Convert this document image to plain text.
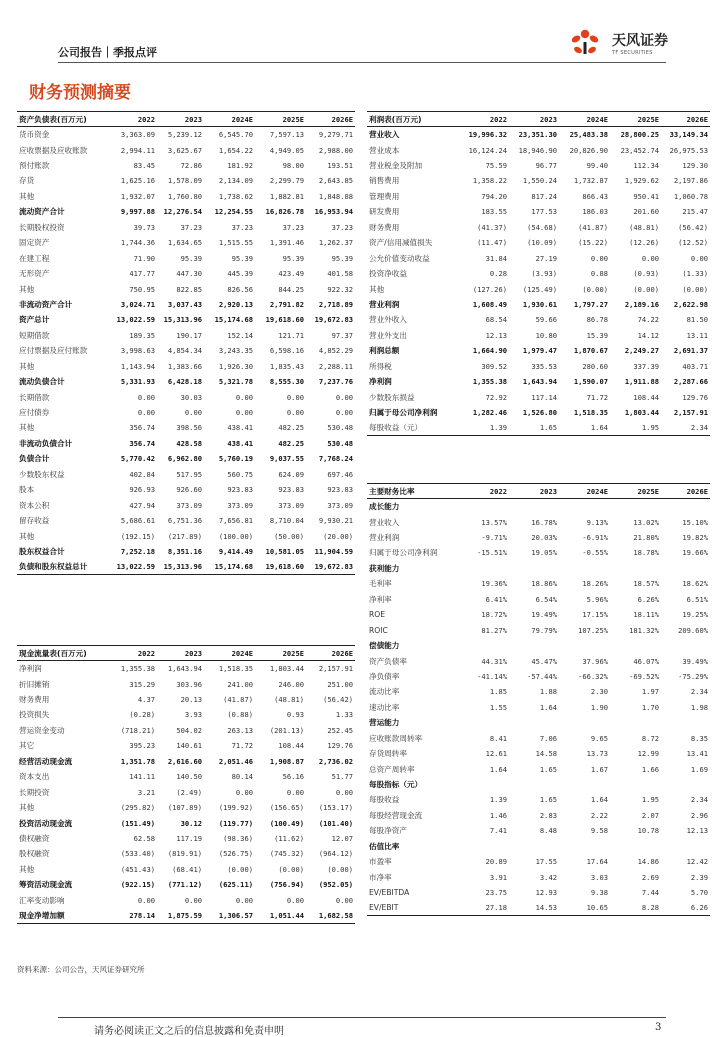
公司报告｜季报点评
天风证券
TF SECURITIES
财务预测摘要
资产负债表(百万元)	2022	2023	2024E	2025E	2026E
货币资金	3,363.09	5,239.12	6,545.70	7,597.13	9,279.71
应收票据及应收账款	2,994.11	3,625.67	1,654.22	4,949.05	2,988.00
预付账款	83.45	72.86	181.92	98.00	193.51
存货	1,625.16	1,578.09	2,134.09	2,299.79	2,643.85
其他	1,932.07	1,760.80	1,738.62	1,882.81	1,848.88
流动资产合计	9,997.88	12,276.54	12,254.55	16,826.78	16,953.94
长期股权投资	39.73	37.23	37.23	37.23	37.23
固定资产	1,744.36	1,634.65	1,515.55	1,391.46	1,262.37
在建工程	71.90	95.39	95.39	95.39	95.39
无形资产	417.77	447.30	445.39	423.49	401.58
其他	750.95	822.85	826.56	844.25	922.32
非流动资产合计	3,024.71	3,037.43	2,920.13	2,791.82	2,718.89
资产总计	13,022.59	15,313.96	15,174.68	19,618.60	19,672.83
短期借款	189.35	190.17	152.14	121.71	97.37
应付票据及应付账款	3,998.63	4,854.34	3,243.35	6,598.16	4,852.29
其他	1,143.94	1,383.66	1,926.30	1,835.43	2,288.11
流动负债合计	5,331.93	6,428.18	5,321.78	8,555.30	7,237.76
长期借款	0.00	30.03	0.00	0.00	0.00
应付债券	0.00	0.00	0.00	0.00	0.00
其他	356.74	398.56	438.41	482.25	530.48
非流动负债合计	356.74	428.58	438.41	482.25	530.48
负债合计	5,770.42	6,962.80	5,760.19	9,037.55	7,768.24
少数股东权益	402.84	517.95	560.75	624.09	697.46
股本	926.93	926.60	923.83	923.83	923.83
资本公积	427.94	373.09	373.09	373.09	373.09
留存收益	5,686.61	6,751.36	7,656.81	8,710.04	9,930.21
其他	(192.15)	(217.89)	(100.00)	(50.00)	(20.00)
股东权益合计	7,252.18	8,351.16	9,414.49	10,581.05	11,904.59
负债和股东权益总计	13,022.59	15,313.96	15,174.68	19,618.60	19,672.83
利润表(百万元)	2022	2023	2024E	2025E	2026E
营业收入	19,996.32	23,351.30	25,483.38	28,800.25	33,149.34
营业成本	16,124.24	18,946.90	20,826.90	23,452.74	26,975.53
营业税金及附加	75.59	96.77	99.40	112.34	129.30
销售费用	1,358.22	1,550.24	1,732.87	1,929.62	2,197.86
管理费用	794.20	817.24	866.43	950.41	1,060.78
研发费用	183.55	177.53	186.03	201.60	215.47
财务费用	(41.37)	(54.68)	(41.87)	(48.81)	(56.42)
资产/信用减值损失	(11.47)	(10.09)	(15.22)	(12.26)	(12.52)
公允价值变动收益	31.84	27.19	0.00	0.00	0.00
投资净收益	0.28	(3.93)	0.88	(0.93)	(1.33)
其他	(127.26)	(125.49)	(0.00)	(0.00)	(0.00)
营业利润	1,608.49	1,930.61	1,797.27	2,189.16	2,622.98
营业外收入	68.54	59.66	86.78	74.22	81.50
营业外支出	12.13	10.80	15.39	14.12	13.11
利润总额	1,664.90	1,979.47	1,870.67	2,249.27	2,691.37
所得税	309.52	335.53	280.60	337.39	403.71
净利润	1,355.38	1,643.94	1,590.07	1,911.88	2,287.66
少数股东损益	72.92	117.14	71.72	108.44	129.76
归属于母公司净利润	1,282.46	1,526.80	1,518.35	1,803.44	2,157.91
每股收益（元）	1.39	1.65	1.64	1.95	2.34
现金流量表(百万元)	2022	2023	2024E	2025E	2026E
净利润	1,355.38	1,643.94	1,518.35	1,803.44	2,157.91
折旧摊销	315.29	303.96	241.00	246.00	251.00
财务费用	4.37	20.13	(41.87)	(48.81)	(56.42)
投资损失	(0.28)	3.93	(0.88)	0.93	1.33
营运资金变动	(718.21)	504.02	263.13	(201.13)	252.45
其它	395.23	140.61	71.72	108.44	129.76
经营活动现金流	1,351.78	2,616.60	2,051.46	1,908.87	2,736.02
资本支出	141.11	140.50	80.14	56.16	51.77
长期投资	3.21	(2.49)	0.00	0.00	0.00
其他	(295.82)	(107.89)	(199.92)	(156.65)	(153.17)
投资活动现金流	(151.49)	30.12	(119.77)	(100.49)	(101.40)
债权融资	62.58	117.19	(98.36)	(11.62)	12.07
股权融资	(533.40)	(819.91)	(526.75)	(745.32)	(964.12)
其他	(451.43)	(68.41)	(0.00)	(0.00)	(0.00)
筹资活动现金流	(922.15)	(771.12)	(625.11)	(756.94)	(952.05)
汇率变动影响	0.00	0.00	0.00	0.00	0.00
现金净增加额	278.14	1,875.59	1,306.57	1,051.44	1,682.58
主要财务比率	2022	2023	2024E	2025E	2026E
成长能力					
营业收入	13.57%	16.78%	9.13%	13.02%	15.10%
营业利润	-9.71%	20.03%	-6.91%	21.80%	19.82%
归属于母公司净利润	-15.51%	19.05%	-0.55%	18.78%	19.66%
获利能力					
毛利率	19.36%	18.86%	18.26%	18.57%	18.62%
净利率	6.41%	6.54%	5.96%	6.26%	6.51%
ROE	18.72%	19.49%	17.15%	18.11%	19.25%
ROIC	81.27%	79.79%	107.25%	181.32%	209.60%
偿债能力					
资产负债率	44.31%	45.47%	37.96%	46.07%	39.49%
净负债率	-41.14%	-57.44%	-66.32%	-69.52%	-75.29%
流动比率	1.85	1.88	2.30	1.97	2.34
速动比率	1.55	1.64	1.90	1.70	1.98
营运能力					
应收账款周转率	8.41	7.06	9.65	8.72	8.35
存货周转率	12.61	14.58	13.73	12.99	13.41
总资产周转率	1.64	1.65	1.67	1.66	1.69
每股指标（元）					
每股收益	1.39	1.65	1.64	1.95	2.34
每股经营现金流	1.46	2.83	2.22	2.07	2.96
每股净资产	7.41	8.48	9.58	10.78	12.13
估值比率					
市盈率	20.89	17.55	17.64	14.86	12.42
市净率	3.91	3.42	3.03	2.69	2.39
EV/EBITDA	23.75	12.93	9.38	7.44	5.70
EV/EBIT	27.18	14.53	10.65	8.28	6.26
资料来源：公司公告，天风证券研究所
请务必阅读正文之后的信息披露和免责申明	3
